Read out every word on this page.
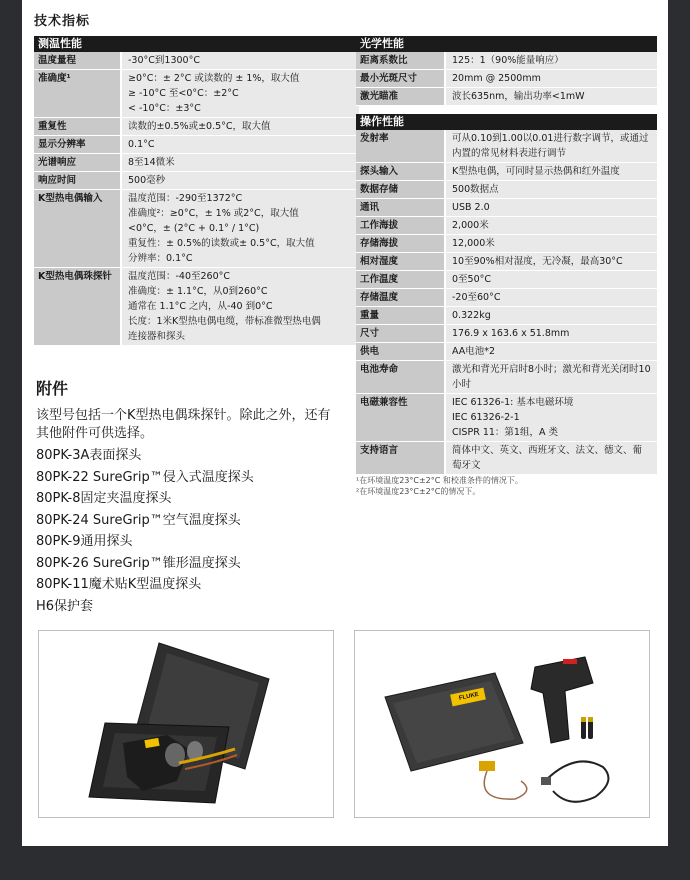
技术指标
测温性能
温度量程	-30°C到1300°C
准确度¹	≥0°C：± 2°C 或读数的 ± 1%，取大值
≥ -10°C 至<0°C：±2°C
< -10°C：±3°C
重复性	读数的±0.5%或±0.5°C，取大值
显示分辨率	0.1°C
光谱响应	8至14微米
响应时间	500毫秒
K型热电偶输入	温度范围：-290至1372°C
准确度²：≥0°C，± 1% 或2°C，取大值
<0°C，± (2°C + 0.1° / 1°C)
重复性：± 0.5%的读数或± 0.5°C，取大值
分辨率：0.1°C
K型热电偶珠探针	温度范围：-40至260°C
准确度：± 1.1°C，从0到260°C
通常在 1.1°C 之内，从-40 到0°C
长度：1米K型热电偶电缆，带标准微型热电偶
连接器和探头
光学性能
距离系数比	125：1（90%能量响应）
最小光斑尺寸	20mm @ 2500mm
激光瞄准	波长635nm，输出功率<1mW
操作性能
发射率	可从0.10到1.00以0.01进行数字调节，或通过内置的常见材料表进行调节
探头输入	K型热电偶，可同时显示热偶和红外温度
数据存储	500数据点
通讯	USB 2.0
工作海拔	2,000米
存储海拔	12,000米
相对湿度	10至90%相对湿度，无冷凝，最高30°C
工作温度	0至50°C
存储温度	-20至60°C
重量	0.322kg
尺寸	176.9 x 163.6 x 51.8mm
供电	AA电池*2
电池寿命	激光和背光开启时8小时；激光和背光关闭时10小时
电磁兼容性	IEC 61326-1: 基本电磁环境
IEC 61326-2-1
CISPR 11：第1组，A 类
支持语言	简体中文、英文、西班牙文、法文、德文、葡萄牙文
¹在环境温度23°C±2°C 和校准条件的情况下。
²在环境温度23°C±2°C的情况下。
附件
该型号包括一个K型热电偶珠探针。除此之外，还有其他附件可供选择。
80PK-3A表面探头
80PK-22 SureGrip™侵入式温度探头
80PK-8固定夹温度探头
80PK-24 SureGrip™空气温度探头
80PK-9通用探头
80PK-26 SureGrip™锥形温度探头
80PK-11魔术贴K型温度探头
H6保护套
FLUKE
